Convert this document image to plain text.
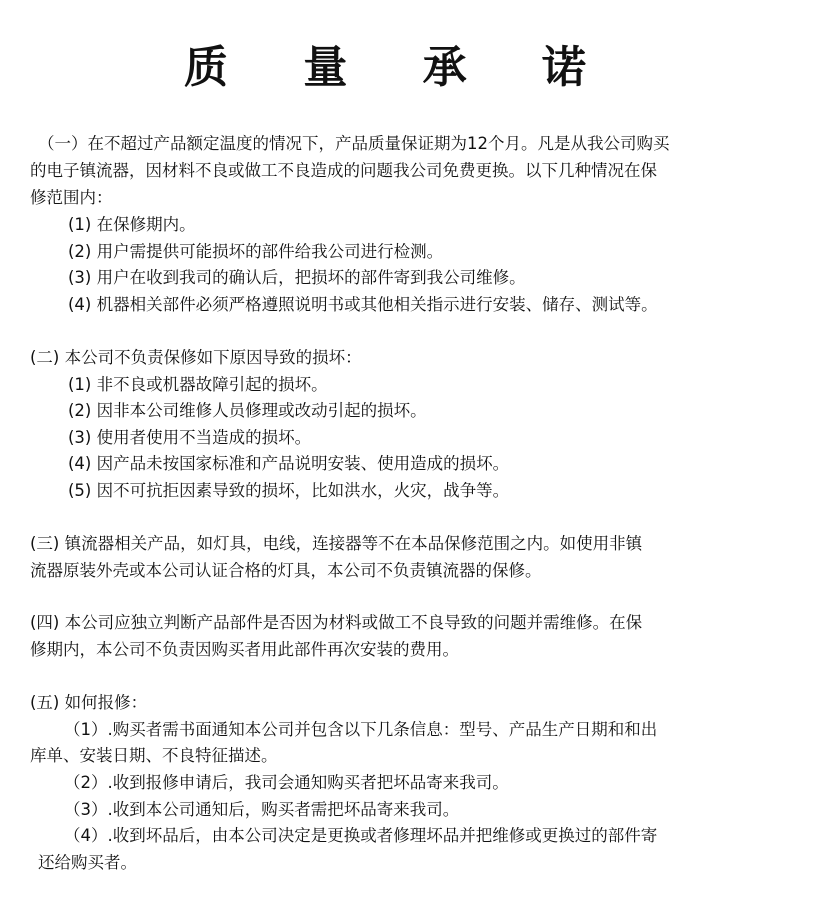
质 量 承 诺
（一）在不超过产品额定温度的情况下，产品质量保证期为12个月。凡是从我公司购买
的电子镇流器，因材料不良或做工不良造成的问题我公司免费更换。以下几种情况在保
修范围内：
(1) 在保修期内。
(2) 用户需提供可能损坏的部件给我公司进行检测。
(3) 用户在收到我司的确认后，把损坏的部件寄到我公司维修。
(4) 机器相关部件必须严格遵照说明书或其他相关指示进行安装、储存、测试等。
(二) 本公司不负责保修如下原因导致的损坏：
(1) 非不良或机器故障引起的损坏。
(2) 因非本公司维修人员修理或改动引起的损坏。
(3) 使用者使用不当造成的损坏。
(4) 因产品未按国家标准和产品说明安装、使用造成的损坏。
(5) 因不可抗拒因素导致的损坏，比如洪水，火灾，战争等。
(三) 镇流器相关产品，如灯具，电线，连接器等不在本品保修范围之内。如使用非镇
流器原装外壳或本公司认证合格的灯具，本公司不负责镇流器的保修。
(四) 本公司应独立判断产品部件是否因为材料或做工不良导致的问题并需维修。在保
修期内，本公司不负责因购买者用此部件再次安装的费用。
(五) 如何报修：
（1）.购买者需书面通知本公司并包含以下几条信息：型号、产品生产日期和和出
库单、安装日期、不良特征描述。
（2）.收到报修申请后，我司会通知购买者把坏品寄来我司。
（3）.收到本公司通知后，购买者需把坏品寄来我司。
（4）.收到坏品后，由本公司决定是更换或者修理坏品并把维修或更换过的部件寄
还给购买者。
